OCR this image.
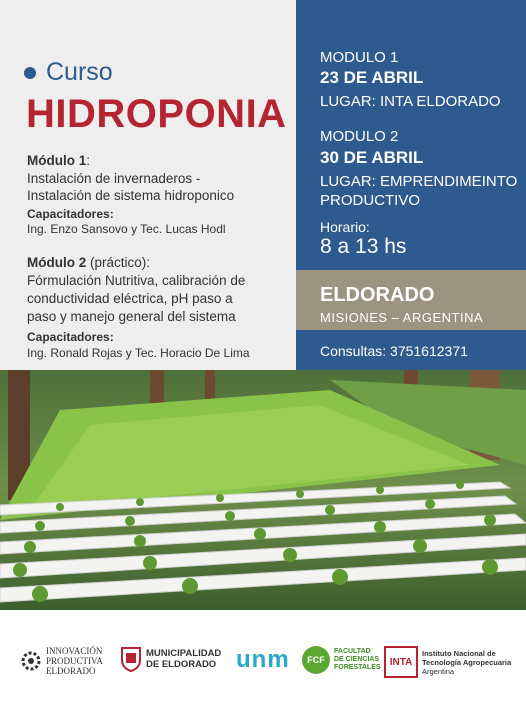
Curso
HIDROPONIA
Módulo 1:
Instalación de invernaderos -
Instalación de sistema hidroponico
Capacitadores:
Ing. Enzo Sansovo y Tec. Lucas Hodl
Módulo 2 (práctico):
Fórmulación Nutritiva, calibración de
conductividad eléctrica, pH paso a
paso y manejo general del sistema
Capacitadores:
Ing. Ronald Rojas y Tec. Horacio De Lima
MODULO 1
23 DE ABRIL
LUGAR: INTA ELDORADO
MODULO 2
30 DE ABRIL
LUGAR: EMPRENDIMEINTO
PRODUCTIVO
Horario:
8 a 13 hs
ELDORADO
MISIONES – ARGENTINA
Consultas: 3751612371
INNOVACIÓN
PRODUCTIVA
ELDORADO
MUNICIPALIDAD
DE ELDORADO unm FCF
FACULTAD
DE CIENCIAS
FORESTALES INTA
Instituto Nacional de
Tecnología Agropecuaria
Argentina
